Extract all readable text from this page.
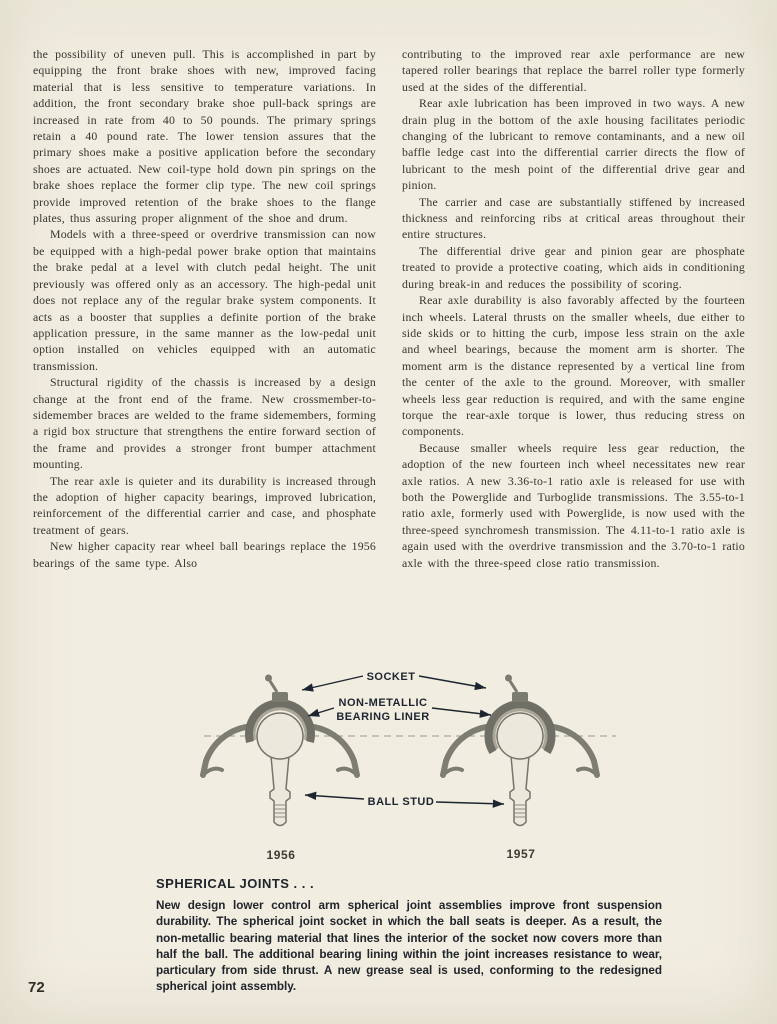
the possibility of uneven pull. This is accomplished in part by equipping the front brake shoes with new, improved facing material that is less sensitive to temperature variations. In addition, the front secondary brake shoe pull-back springs are increased in rate from 40 to 50 pounds. The primary springs retain a 40 pound rate. The lower tension assures that the primary shoes make a positive application before the secondary shoes are actuated. New coil-type hold down pin springs on the brake shoes replace the former clip type. The new coil springs provide improved retention of the brake shoes to the flange plates, thus assuring proper alignment of the shoe and drum.

Models with a three-speed or overdrive transmission can now be equipped with a high-pedal power brake option that maintains the brake pedal at a level with clutch pedal height. The unit previously was offered only as an accessory. The high-pedal unit does not replace any of the regular brake system components. It acts as a booster that supplies a definite portion of the brake application pressure, in the same manner as the low-pedal unit option installed on vehicles equipped with an automatic transmission.

Structural rigidity of the chassis is increased by a design change at the front end of the frame. New crossmember-to-sidemember braces are welded to the frame sidemembers, forming a rigid box structure that strengthens the entire forward section of the frame and provides a stronger front bumper attachment mounting.

The rear axle is quieter and its durability is increased through the adoption of higher capacity bearings, improved lubrication, reinforcement of the differential carrier and case, and phosphate treatment of gears.

New higher capacity rear wheel ball bearings replace the 1956 bearings of the same type. Also

contributing to the improved rear axle performance are new tapered roller bearings that replace the barrel roller type formerly used at the sides of the differential.

Rear axle lubrication has been improved in two ways. A new drain plug in the bottom of the axle housing facilitates periodic changing of the lubricant to remove contaminants, and a new oil baffle ledge cast into the differential carrier directs the flow of lubricant to the mesh point of the differential drive gear and pinion.

The carrier and case are substantially stiffened by increased thickness and reinforcing ribs at critical areas throughout their entire structures.

The differential drive gear and pinion gear are phosphate treated to provide a protective coating, which aids in conditioning during break-in and reduces the possibility of scoring.

Rear axle durability is also favorably affected by the fourteen inch wheels. Lateral thrusts on the smaller wheels, due either to side skids or to hitting the curb, impose less strain on the axle and wheel bearings, because the moment arm is shorter. The moment arm is the distance represented by a vertical line from the center of the axle to the ground. Moreover, with smaller wheels less gear reduction is required, and with the same engine torque the rear-axle torque is lower, thus reducing stress on components.

Because smaller wheels require less gear reduction, the adoption of the new fourteen inch wheel necessitates new rear axle ratios. A new 3.36-to-1 ratio axle is released for use with both the Powerglide and Turboglide transmissions. The 3.55-to-1 ratio axle, formerly used with Powerglide, is now used with the three-speed synchromesh transmission. The 4.11-to-1 ratio axle is again used with the overdrive transmission and the 3.70-to-1 ratio axle with the three-speed close ratio transmission.

SOCKET
NON-METALLIC
BEARING LINER
BALL STUD
1956	1957
SPHERICAL JOINTS . . .

New design lower control arm spherical joint assemblies improve front suspension durability. The spherical joint socket in which the ball seats is deeper. As a result, the non-metallic bearing material that lines the interior of the socket now covers more than half the ball. The additional bearing lining within the joint increases resistance to wear, particulary from side thrust. A new grease seal is used, conforming to the redesigned spherical joint assembly.

72
